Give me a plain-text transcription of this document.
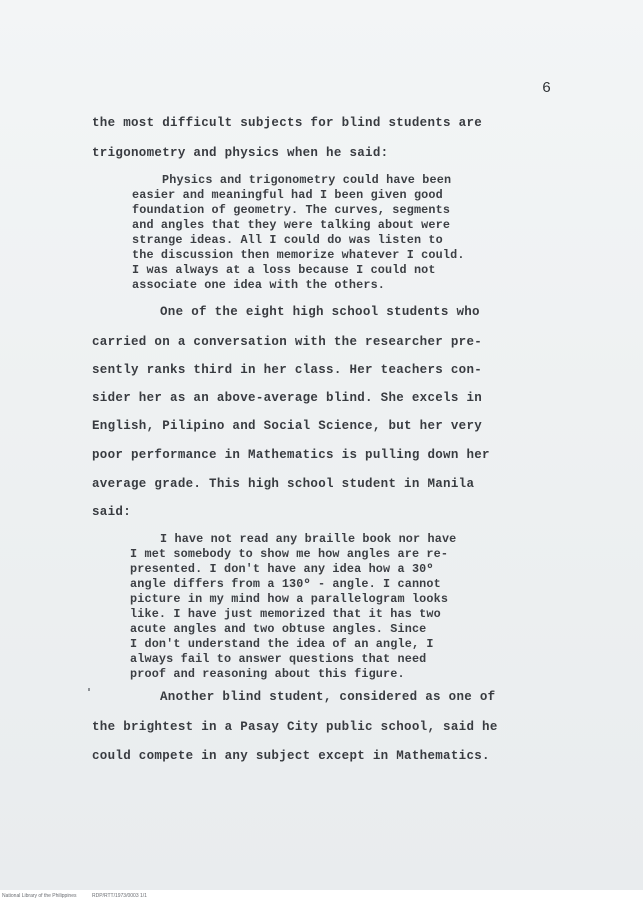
6
the most difficult subjects for blind students are
trigonometry and physics when he said:
Physics and trigonometry could have been
easier and meaningful had I been given good
foundation of geometry. The curves, segments
and angles that they were talking about were
strange ideas. All I could do was listen to
the discussion then memorize whatever I could.
I was always at a loss because I could not
associate one idea with the others.
One of the eight high school students who
carried on a conversation with the researcher pre-
sently ranks third in her class. Her teachers con-
sider her as an above-average blind. She excels in
English, Pilipino and Social Science, but her very
poor performance in Mathematics is pulling down her
average grade. This high school student in Manila
said:
I have not read any braille book nor have
I met somebody to show me how angles are re-
presented. I don't have any idea how a 30º
angle differs from a 130º - angle. I cannot
picture in my mind how a parallelogram looks
like. I have just memorized that it has two
acute angles and two obtuse angles. Since
I don't understand the idea of an angle, I
always fail to answer questions that need
proof and reasoning about this figure.
Another blind student, considered as one of
the brightest in a Pasay City public school, said he
could compete in any subject except in Mathematics.
National Library of the Philippines	RDP/RTT/1973/0003 1/1
